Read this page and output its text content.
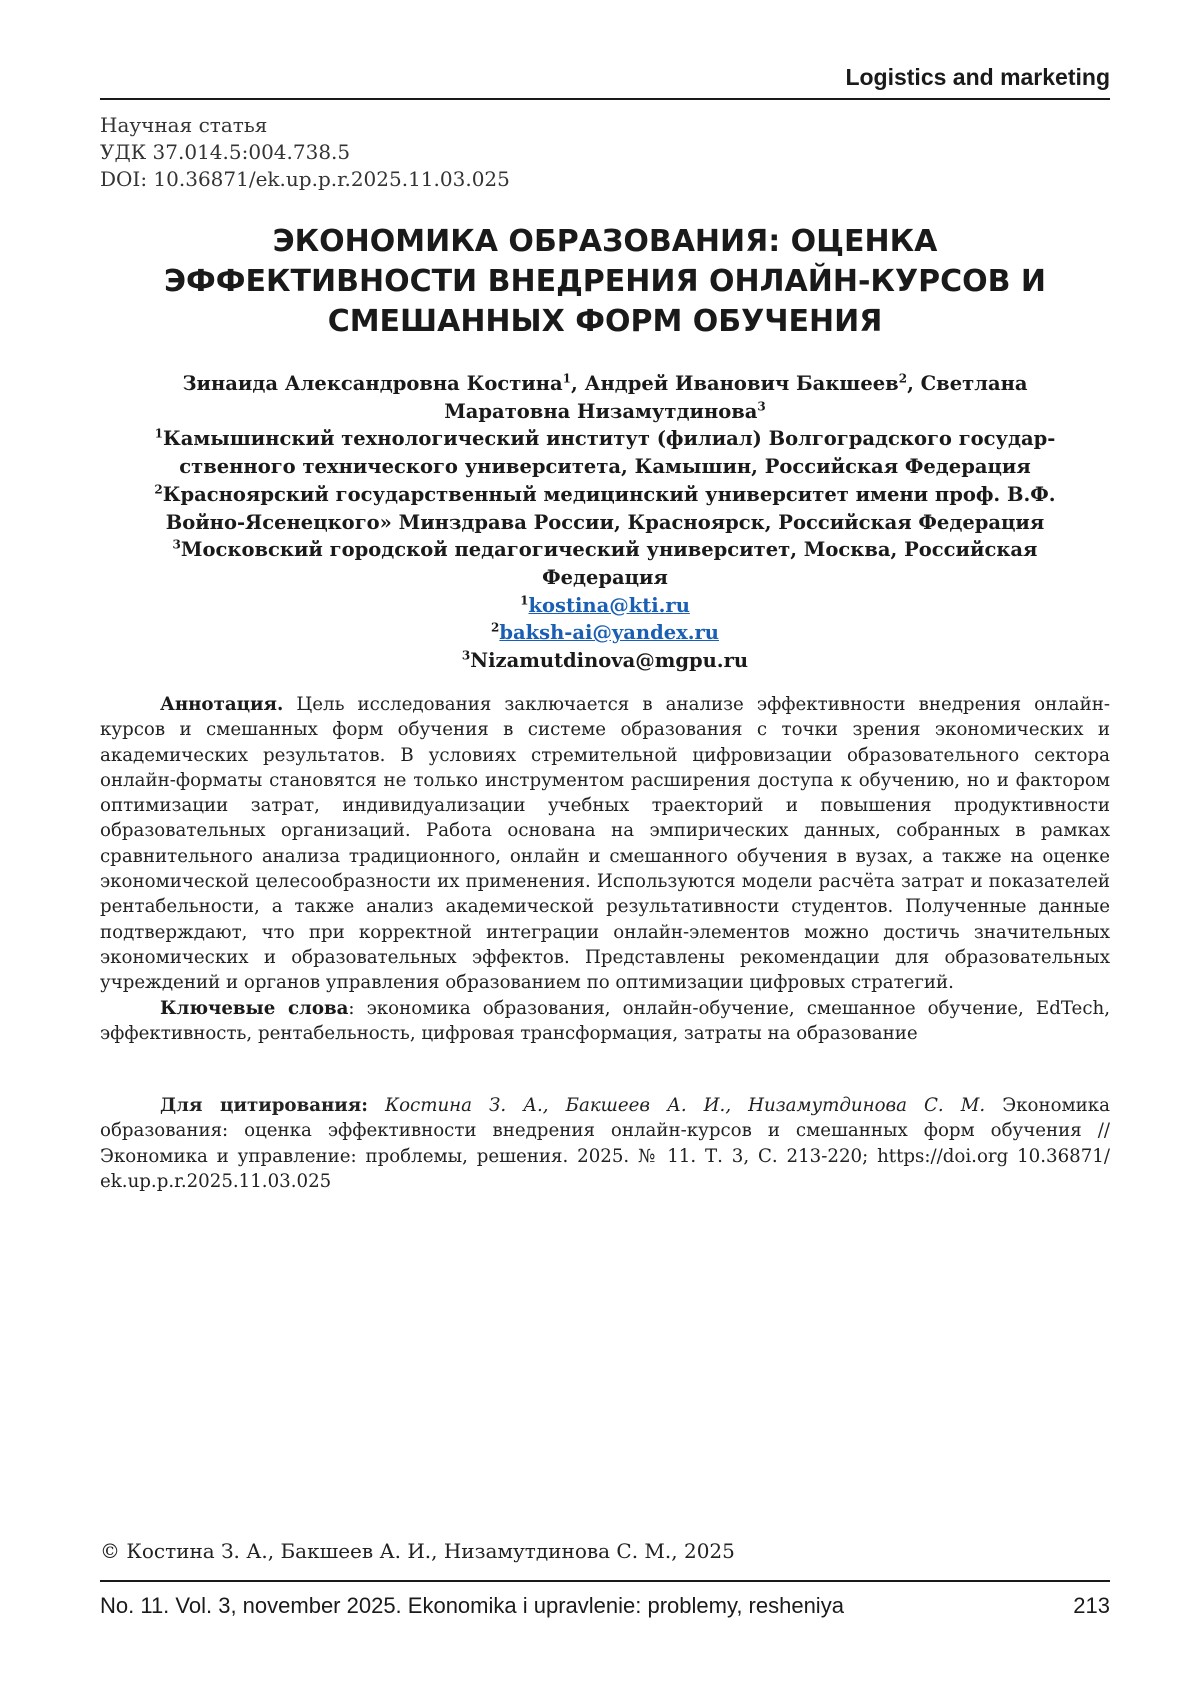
Logistics and marketing
Научная статья
УДК 37.014.5:004.738.5
DOI: 10.36871/ek.up.p.r.2025.11.03.025
ЭКОНОМИКА ОБРАЗОВАНИЯ: ОЦЕНКА
ЭФФЕКТИВНОСТИ ВНЕДРЕНИЯ ОНЛАЙН-КУРСОВ И
СМЕШАННЫХ ФОРМ ОБУЧЕНИЯ
Зинаида Александровна Костина$^1$, Андрей Иванович Бакшеев$^2$, Светлана
Маратовна Низамутдинова$^3$
$^1$Камышинский технологический институт (филиал) Волгоградского государ-
ственного технического университета, Камышин, Российская Федерация
$^2$Красноярский государственный медицинский университет имени проф. В.Ф.
Войно-Ясенецкого» Минздрава России, Красноярск, Российская Федерация
$^3$Московский городской педагогический университет, Москва, Российская
Федерация
$^1$kostina@kti.ru
$^2$baksh-ai@yandex.ru
$^3$Nizamutdinova@mgpu.ru

Аннотация. Цель исследования заключается в анализе эффективности внедрения онлайн-курсов и смешанных форм обучения в системе образования с точки зрения экономических и академических результатов. В условиях стремительной цифровизации образовательного сектора онлайн-форматы становятся не только инструментом расширения доступа к обучению, но и фактором оптимизации затрат, индивидуализации учебных траекторий и повышения продуктивности образовательных организаций. Работа основана на эмпирических данных, собранных в рамках сравнительного анализа традиционного, онлайн и смешанного обучения в вузах, а также на оценке экономической целесообразности их применения. Используются модели расчёта затрат и показателей рентабельности, а также анализ академической результативности студентов. Полученные данные подтверждают, что при корректной интеграции онлайн-элементов можно достичь значительных экономических и образовательных эффектов. Представлены рекомендации для образовательных учреждений и органов управления образованием по оптимизации цифровых стратегий.

Ключевые слова: экономика образования, онлайн-обучение, смешанное обучение, EdTech, эффективность, рентабельность, цифровая трансформация, затраты на образование

Для цитирования: Костина З. А., Бакшеев А. И., Низамутдинова С. М. Экономика образования: оценка эффективности внедрения онлайн-курсов и смешанных форм обучения // Экономика и управление: проблемы, решения. 2025. № 11. Т. 3, С. 213-220; https://doi.org 10.36871/ ek.up.p.r.2025.11.03.025

© Костина З. А., Бакшеев А. И., Низамутдинова С. М., 2025
No. 11. Vol. 3, november 2025. Ekonomika i upravlenie: problemy, resheniya	213
